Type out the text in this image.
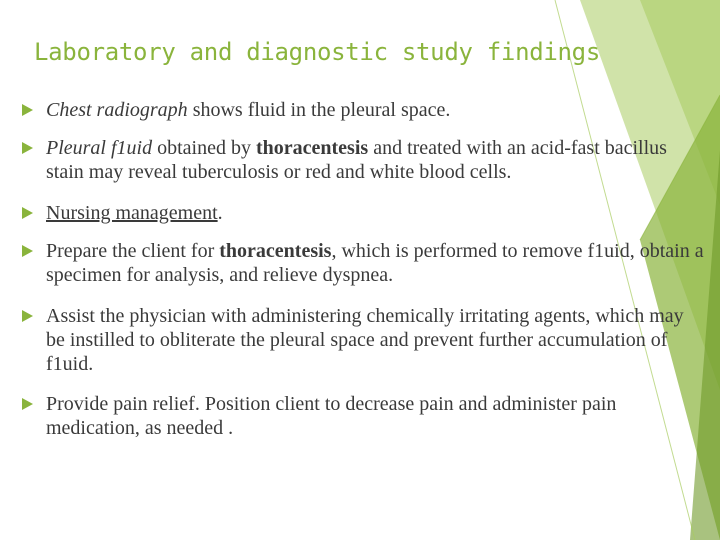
Laboratory and diagnostic study findings
Chest radiograph shows fluid in the pleural space.
Pleural f1uid obtained by thoracentesis and treated with an acid-fast bacillus stain may reveal tuberculosis or red and white blood cells.
Nursing management.
Prepare the client for thoracentesis, which is performed to remove f1uid, obtain a specimen for analysis, and relieve dyspnea.
Assist the physician with administering chemically irritating agents, which may be instilled to obliterate the pleural space and prevent further accumulation of f1uid.
Provide pain relief. Position client to decrease pain and administer pain medication, as needed .
